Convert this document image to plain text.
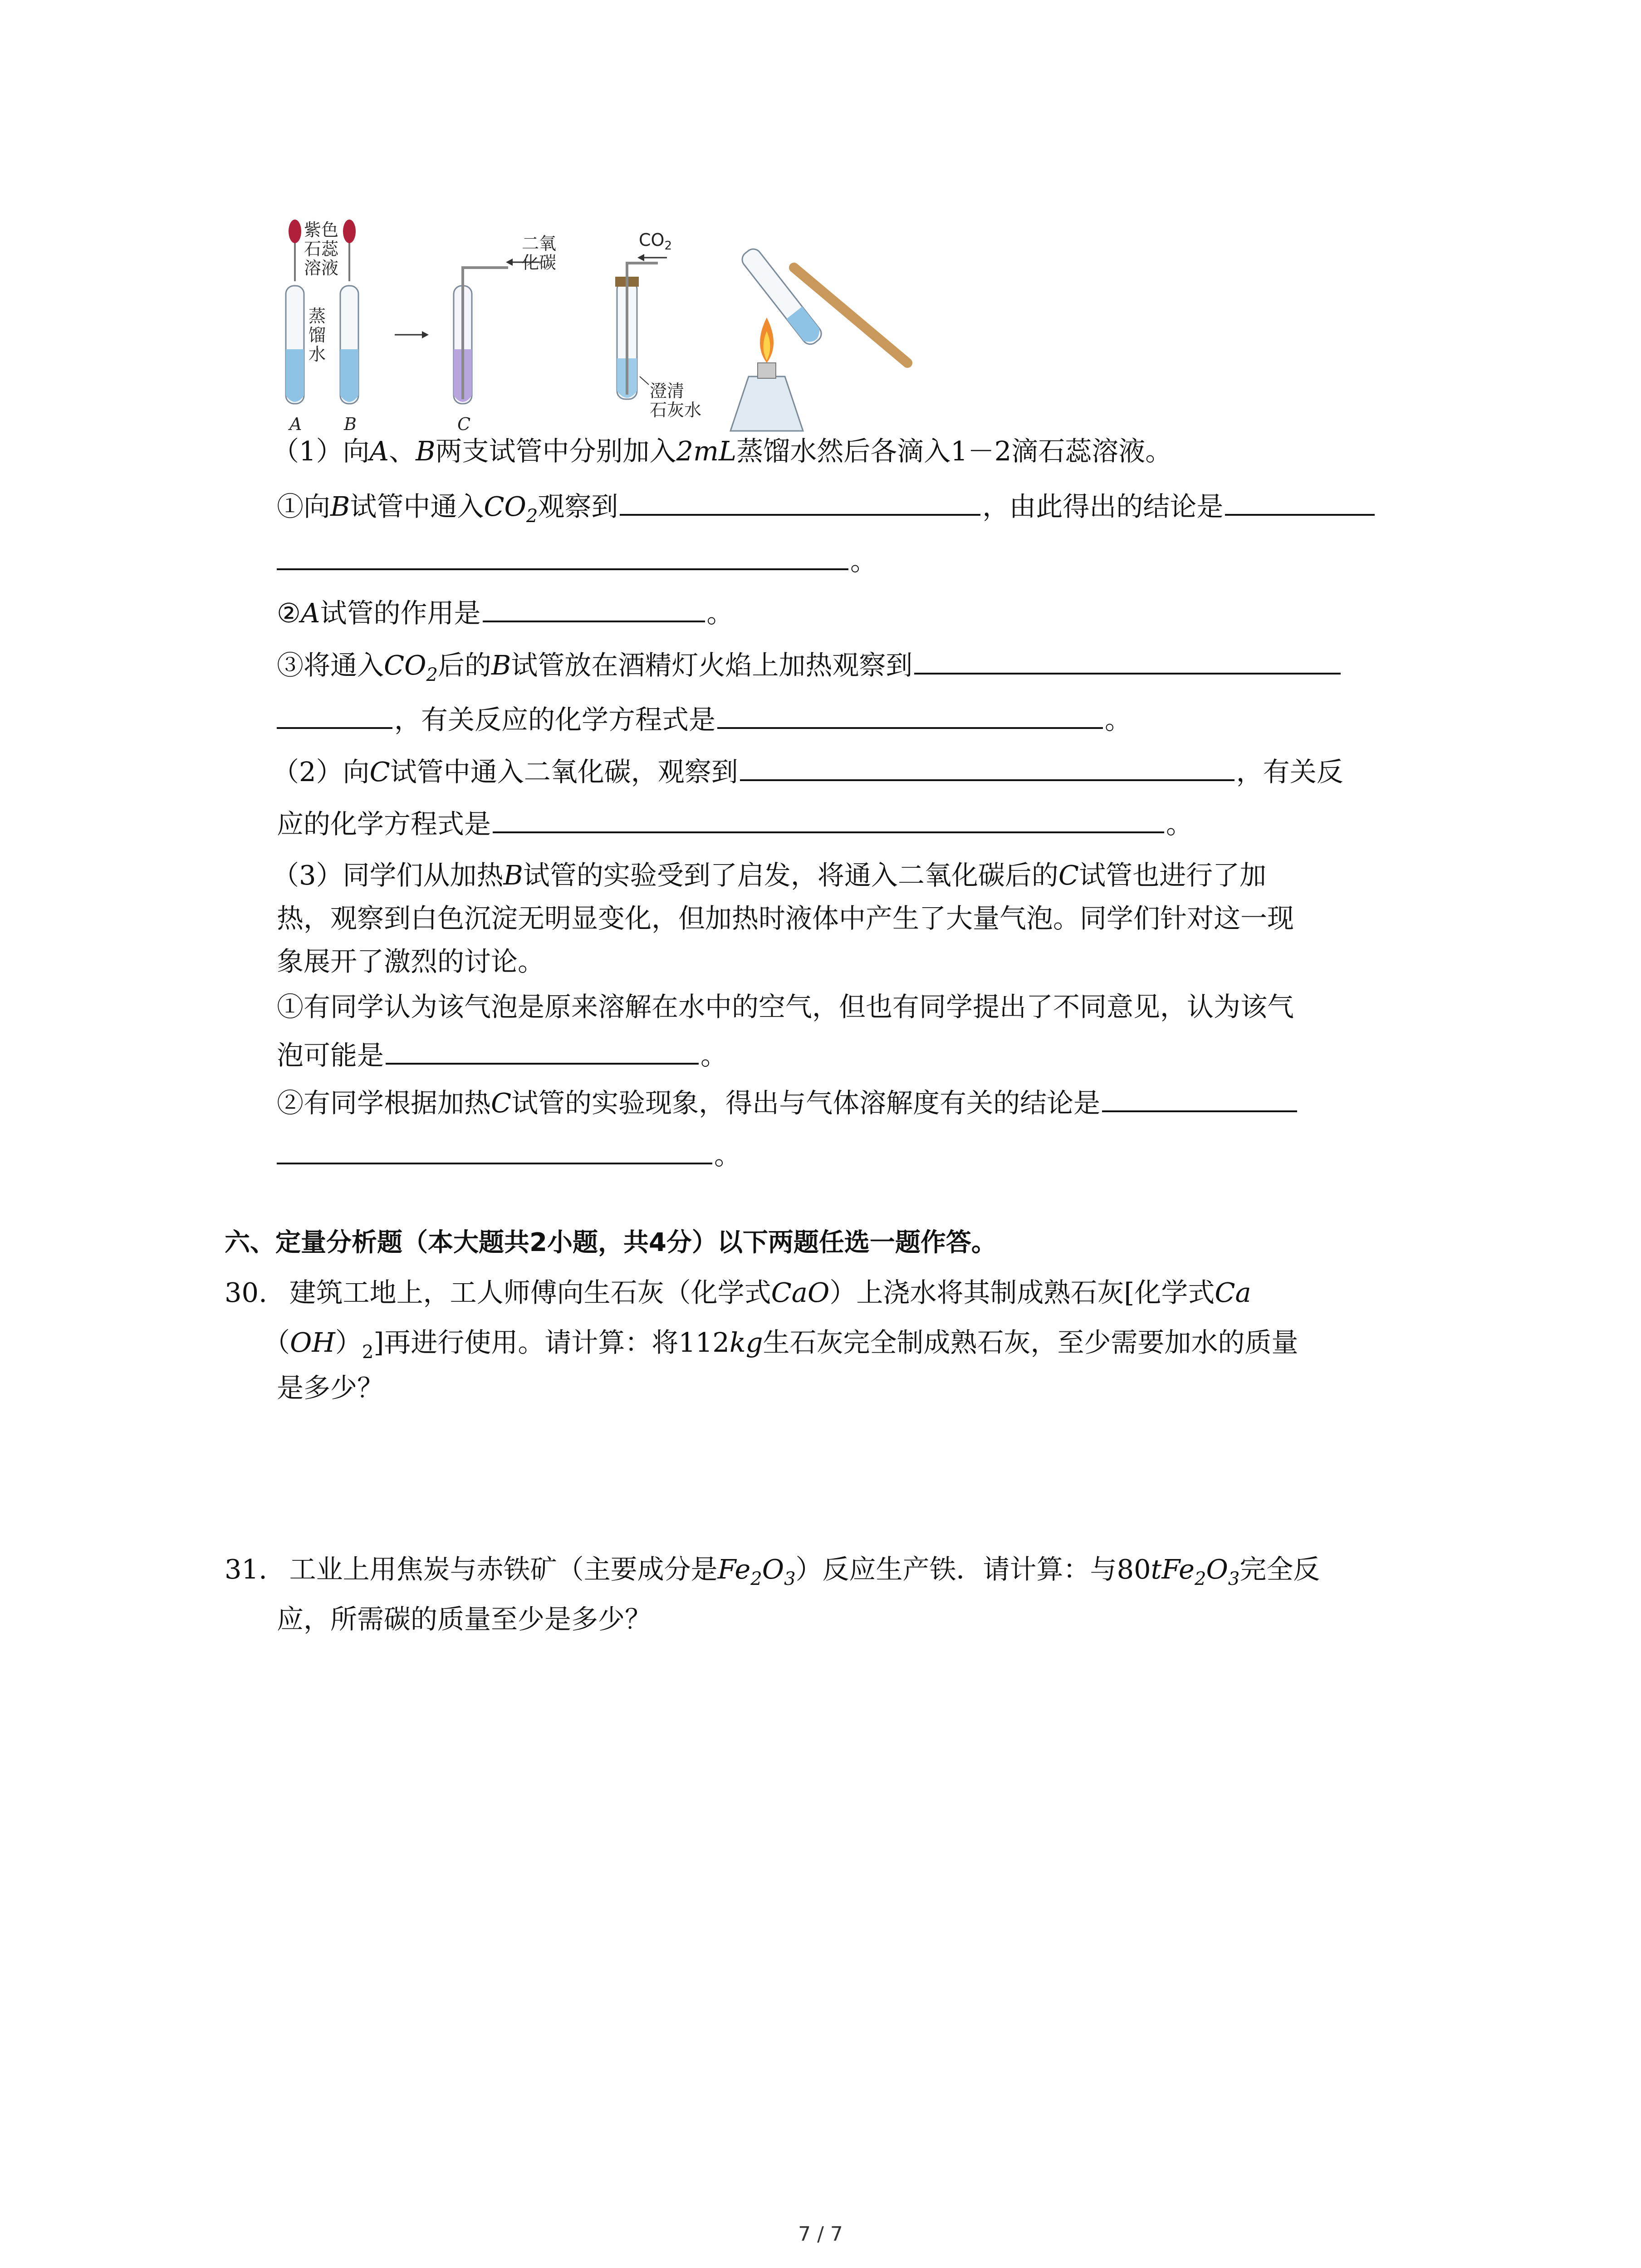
紫色
石蕊
溶液
蒸
馏
水
A B
二氧
化碳
C
$CO_2$
澄清
石灰水
（1）向A、B两支试管中分别加入2mL蒸馏水然后各滴入1－2滴石蕊溶液。
①向B试管中通入$CO_2$观察到	，由此得出的结论是
。
②A试管的作用是	。
③将通入$CO_2$后的B试管放在酒精灯火焰上加热观察到
，有关反应的化学方程式是	。
（2）向C试管中通入二氧化碳，观察到	，有关反
应的化学方程式是	。
（3）同学们从加热B试管的实验受到了启发，将通入二氧化碳后的C试管也进行了加
热，观察到白色沉淀无明显变化，但加热时液体中产生了大量气泡。同学们针对这一现
象展开了激烈的讨论。
①有同学认为该气泡是原来溶解在水中的空气，但也有同学提出了不同意见，认为该气
泡可能是	。
②有同学根据加热C试管的实验现象，得出与气体溶解度有关的结论是
。
六、定量分析题（本大题共2小题，共4分）以下两题任选一题作答。
30. 建筑工地上，工人师傅向生石灰（化学式CaO）上浇水将其制成熟石灰[化学式Ca
$(OH)_2$]再进行使用。请计算：将112kg生石灰完全制成熟石灰，至少需要加水的质量
是多少？
31. 工业上用焦炭与赤铁矿（主要成分是$Fe_2O_3$）反应生产铁．请计算：与$80tFe_2O_3$完全反
应，所需碳的质量至少是多少？
7 / 7
